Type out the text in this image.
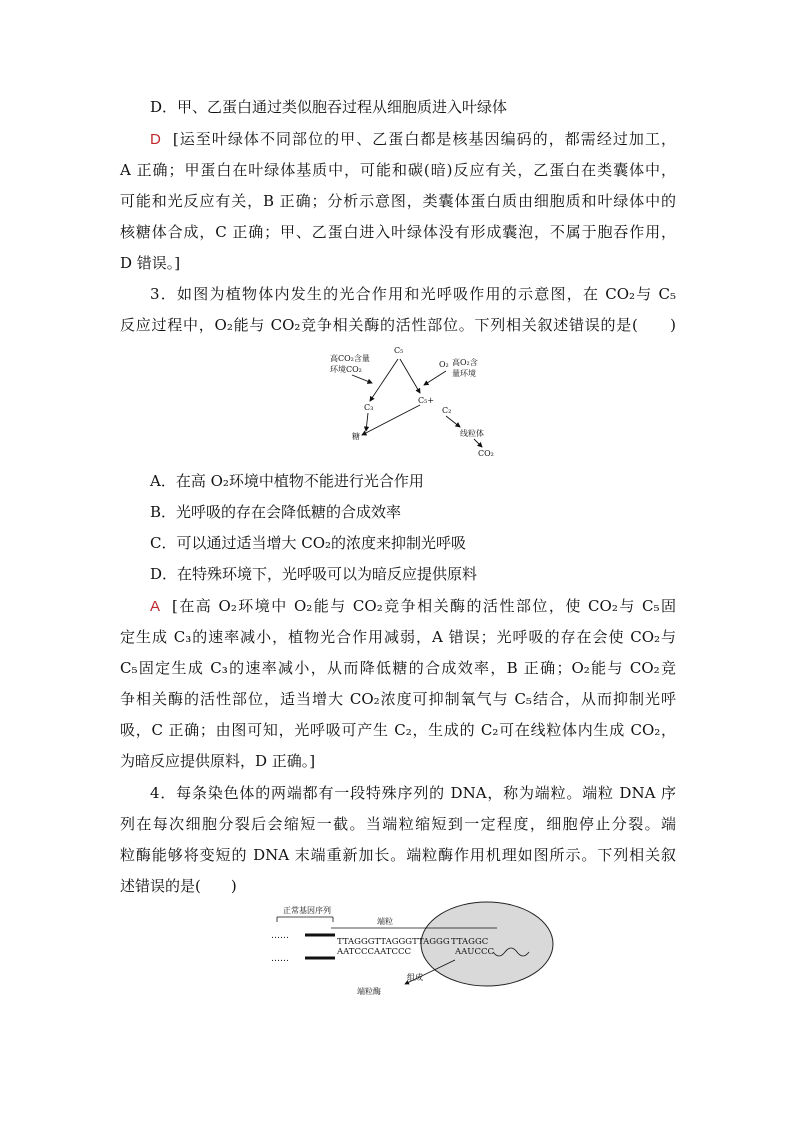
D．甲、乙蛋白通过类似胞吞过程从细胞质进入叶绿体
D [运至叶绿体不同部位的甲、乙蛋白都是核基因编码的，都需经过加工，
A 正确；甲蛋白在叶绿体基质中，可能和碳(暗)反应有关，乙蛋白在类囊体中，
可能和光反应有关，B 正确；分析示意图，类囊体蛋白质由细胞质和叶绿体中的
核糖体合成，C 正确；甲、乙蛋白进入叶绿体没有形成囊泡，不属于胞吞作用，
D 错误。]
3．如图为植物体内发生的光合作用和光呼吸作用的示意图，在 CO₂与 C₅
反应过程中，O₂能与 CO₂竞争相关酶的活性部位。下列相关叙述错误的是(　　)
C₅
高CO₂含量
环境CO₂
O₂ 高O₂含
量环境
C₃
C₅+
C₂
糖	线粒体
CO₂
A．在高 O₂环境中植物不能进行光合作用
B．光呼吸的存在会降低糖的合成效率
C．可以通过适当增大 CO₂的浓度来抑制光呼吸
D．在特殊环境下，光呼吸可以为暗反应提供原料
A [在高 O₂环境中 O₂能与 CO₂竞争相关酶的活性部位，使 CO₂与 C₅固
定生成 C₃的速率减小，植物光合作用减弱，A 错误；光呼吸的存在会使 CO₂与
C₅固定生成 C₃的速率减小，从而降低糖的合成效率，B 正确；O₂能与 CO₂竞
争相关酶的活性部位，适当增大 CO₂浓度可抑制氧气与 C₅结合，从而抑制光呼
吸，C 正确；由图可知，光呼吸可产生 C₂，生成的 C₂可在线粒体内生成 CO₂，
为暗反应提供原料，D 正确。]
4．每条染色体的两端都有一段特殊序列的 DNA，称为端粒。端粒 DNA 序
列在每次细胞分裂后会缩短一截。当端粒缩短到一定程度，细胞停止分裂。端
粒酶能够将变短的 DNA 末端重新加长。端粒酶作用机理如图所示。下列相关叙
述错误的是(　　)
正常基因序列
端粒
……
TTAGGGTTAGGGTTAGGG TTAGGC
……
AATCCCAATCCC	AAUCCC
组成
端粒酶
